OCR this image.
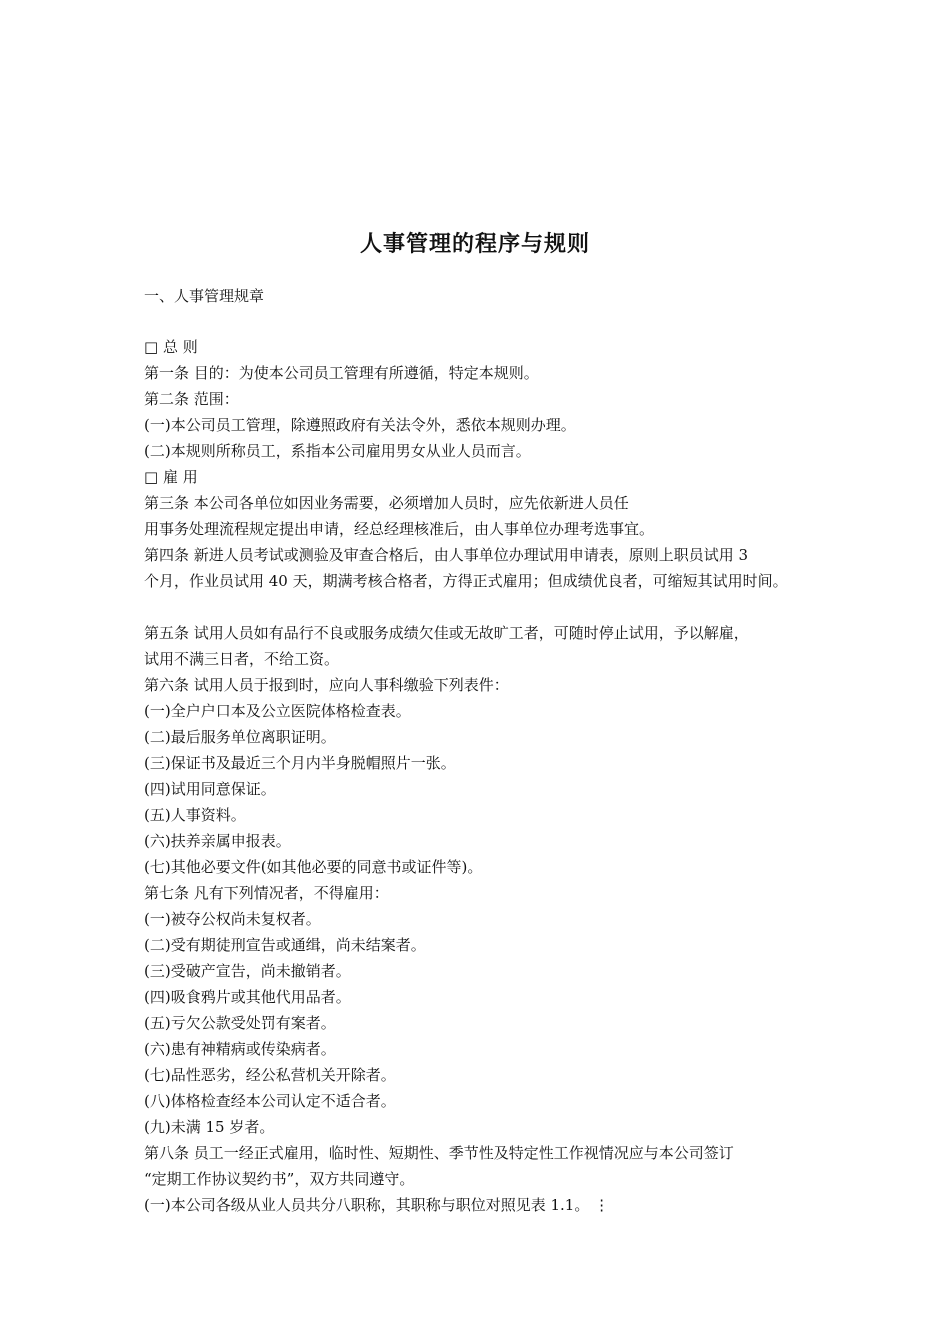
人事管理的程序与规则

一、人事管理规章

□ 总 则
第一条 目的：为使本公司员工管理有所遵循，特定本规则。
第二条 范围：
(一)本公司员工管理，除遵照政府有关法令外，悉依本规则办理。
(二)本规则所称员工，系指本公司雇用男女从业人员而言。
□ 雇 用
第三条 本公司各单位如因业务需要，必须增加人员时，应先依新进人员任
用事务处理流程规定提出申请，经总经理核准后，由人事单位办理考选事宜。
第四条 新进人员考试或测验及审查合格后，由人事单位办理试用申请表，原则上职员试用 3
个月，作业员试用 40 天，期满考核合格者，方得正式雇用；但成绩优良者，可缩短其试用时间。
第五条 试用人员如有品行不良或服务成绩欠佳或无故旷工者，可随时停止试用，予以解雇，
试用不满三日者，不给工资。
第六条 试用人员于报到时，应向人事科缴验下列表件：
(一)全户户口本及公立医院体格检查表。
(二)最后服务单位离职证明。
(三)保证书及最近三个月内半身脱帽照片一张。
(四)试用同意保证。
(五)人事资料。
(六)扶养亲属申报表。
(七)其他必要文件(如其他必要的同意书或证件等)。
第七条 凡有下列情况者，不得雇用：
(一)被夺公权尚未复权者。
(二)受有期徒刑宣告或通缉，尚未结案者。
(三)受破产宣告，尚未撤销者。
(四)吸食鸦片或其他代用品者。
(五)亏欠公款受处罚有案者。
(六)患有神精病或传染病者。
(七)品性恶劣，经公私营机关开除者。
(八)体格检查经本公司认定不适合者。
(九)未满 15 岁者。
第八条 员工一经正式雇用，临时性、短期性、季节性及特定性工作视情况应与本公司签订
“定期工作协议契约书”，双方共同遵守。
(一)本公司各级从业人员共分八职称，其职称与职位对照见表 1.1。 ⋮
